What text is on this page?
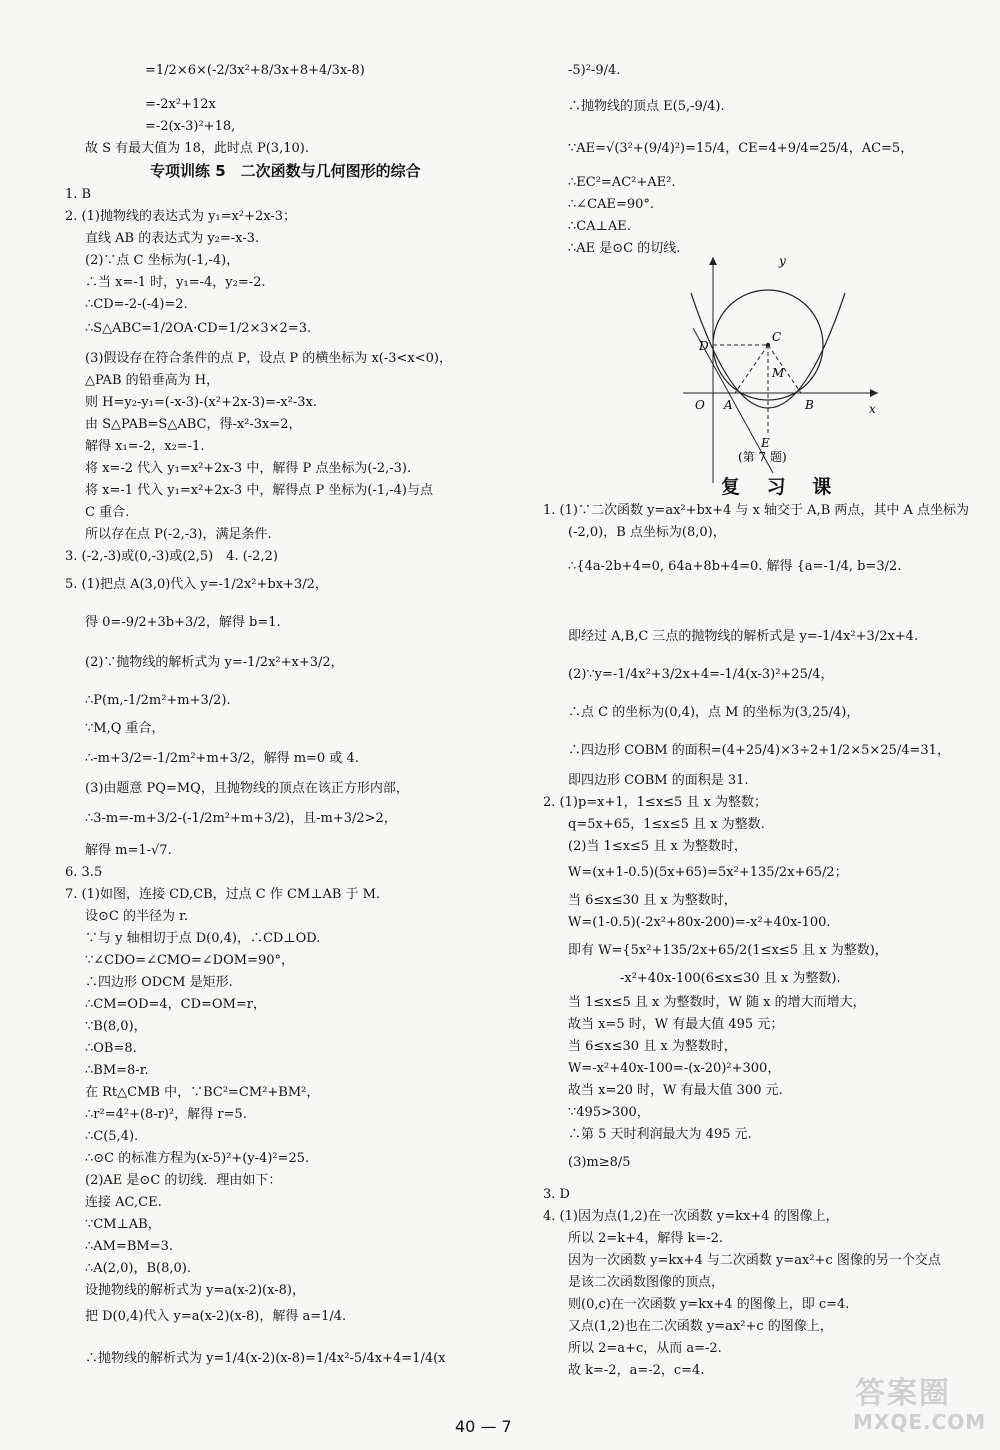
=1/2×6×(-2/3x²+8/3x+8+4/3x-8)
=-2x²+12x
=-2(x-3)²+18,
故 S 有最大值为 18，此时点 P(3,10).
专项训练 5　二次函数与几何图形的综合
1. B
2. (1)抛物线的表达式为 y₁=x²+2x-3；
直线 AB 的表达式为 y₂=-x-3.
(2)∵点 C 坐标为(-1,-4)，
∴当 x=-1 时，y₁=-4，y₂=-2.
∴CD=-2-(-4)=2.
∴S△ABC=1/2OA·CD=1/2×3×2=3.
(3)假设存在符合条件的点 P，设点 P 的横坐标为 x(-3<x<0)，
△PAB 的铅垂高为 H，
则 H=y₂-y₁=(-x-3)-(x²+2x-3)=-x²-3x.
由 S△PAB=S△ABC，得-x²-3x=2，
解得 x₁=-2，x₂=-1.
将 x=-2 代入 y₁=x²+2x-3 中，解得 P 点坐标为(-2,-3).
将 x=-1 代入 y₁=x²+2x-3 中，解得点 P 坐标为(-1,-4)与点
C 重合.
所以存在点 P(-2,-3)，满足条件.
3. (-2,-3)或(0,-3)或(2,5)　4. (-2,2)
5. (1)把点 A(3,0)代入 y=-1/2x²+bx+3/2，
得 0=-9/2+3b+3/2，解得 b=1.
(2)∵抛物线的解析式为 y=-1/2x²+x+3/2，
∴P(m,-1/2m²+m+3/2).
∵M,Q 重合，
∴-m+3/2=-1/2m²+m+3/2，解得 m=0 或 4.
(3)由题意 PQ=MQ，且抛物线的顶点在该正方形内部，
∴3-m=-m+3/2-(-1/2m²+m+3/2)，且-m+3/2>2，
解得 m=1-√7.
6. 3.5
7. (1)如图，连接 CD,CB，过点 C 作 CM⊥AB 于 M.
设⊙C 的半径为 r.
∵与 y 轴相切于点 D(0,4)，∴CD⊥OD.
∵∠CDO=∠CMO=∠DOM=90°，
∴四边形 ODCM 是矩形.
∴CM=OD=4，CD=OM=r，
∵B(8,0)，
∴OB=8.
∴BM=8-r.
在 Rt△CMB 中，∵BC²=CM²+BM²，
∴r²=4²+(8-r)²，解得 r=5.
∴C(5,4).
∴⊙C 的标准方程为(x-5)²+(y-4)²=25.
(2)AE 是⊙C 的切线．理由如下：
连接 AC,CE.
∵CM⊥AB，
∴AM=BM=3.
∴A(2,0)，B(8,0).
设抛物线的解析式为 y=a(x-2)(x-8)，
把 D(0,4)代入 y=a(x-2)(x-8)，解得 a=1/4.
∴抛物线的解析式为 y=1/4(x-2)(x-8)=1/4x²-5/4x+4=1/4(x
-5)²-9/4.
∴抛物线的顶点 E(5,-9/4).
∵AE=√(3²+(9/4)²)=15/4，CE=4+9/4=25/4，AC=5，
∴EC²=AC²+AE².
∴∠CAE=90°.
∴CA⊥AE.
∴AE 是⊙C 的切线.
y
x
D
C
M
O A	B
E
(第 7 题)
复 习 课
1. (1)∵二次函数 y=ax²+bx+4 与 x 轴交于 A,B 两点，其中 A 点坐标为
(-2,0)，B 点坐标为(8,0)，
∴{4a-2b+4=0, 64a+8b+4=0. 解得 {a=-1/4, b=3/2.
即经过 A,B,C 三点的抛物线的解析式是 y=-1/4x²+3/2x+4.
(2)∵y=-1/4x²+3/2x+4=-1/4(x-3)²+25/4，
∴点 C 的坐标为(0,4)，点 M 的坐标为(3,25/4)，
∴四边形 COBM 的面积=(4+25/4)×3÷2+1/2×5×25/4=31，
即四边形 COBM 的面积是 31.
2. (1)p=x+1，1≤x≤5 且 x 为整数；
q=5x+65，1≤x≤5 且 x 为整数.
(2)当 1≤x≤5 且 x 为整数时，
W=(x+1-0.5)(5x+65)=5x²+135/2x+65/2；
当 6≤x≤30 且 x 为整数时，
W=(1-0.5)(-2x²+80x-200)=-x²+40x-100.
即有 W={5x²+135/2x+65/2(1≤x≤5 且 x 为整数)，
　　　　-x²+40x-100(6≤x≤30 且 x 为整数).
当 1≤x≤5 且 x 为整数时，W 随 x 的增大而增大，
故当 x=5 时，W 有最大值 495 元；
当 6≤x≤30 且 x 为整数时，
W=-x²+40x-100=-(x-20)²+300，
故当 x=20 时，W 有最大值 300 元.
∵495>300，
∴第 5 天时利润最大为 495 元.
(3)m≥8/5
3. D
4. (1)因为点(1,2)在一次函数 y=kx+4 的图像上，
所以 2=k+4，解得 k=-2.
因为一次函数 y=kx+4 与二次函数 y=ax²+c 图像的另一个交点
是该二次函数图像的顶点，
则(0,c)在一次函数 y=kx+4 的图像上，即 c=4.
又点(1,2)也在二次函数 y=ax²+c 的图像上，
所以 2=a+c，从而 a=-2.
故 k=-2，a=-2，c=4.
40 — 7
答案圈
MXQE.COM
